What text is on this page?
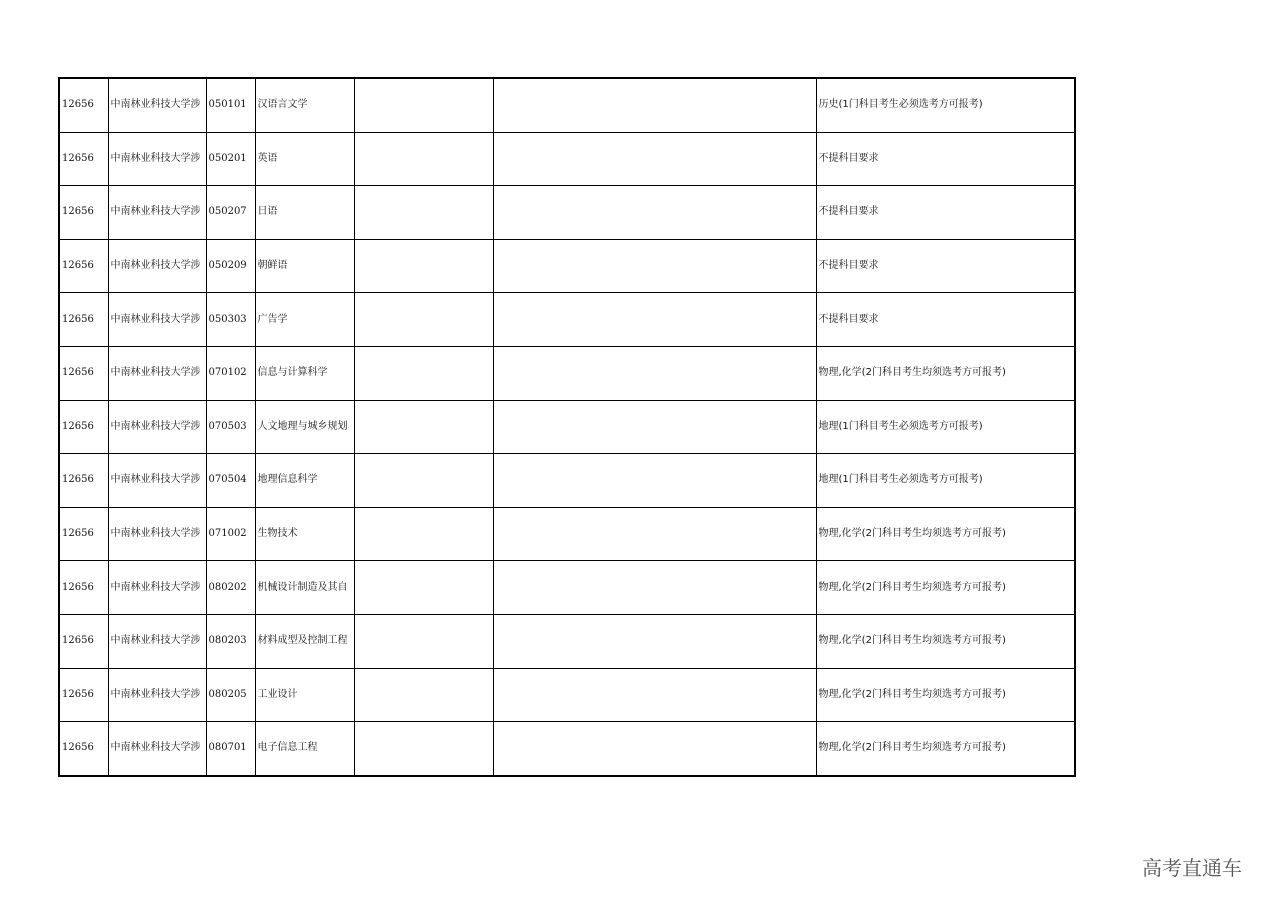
12656	中南林业科技大学涉	050101	汉语言文学			历史(1门科目考生必须选考方可报考)
12656	中南林业科技大学涉	050201	英语			不提科目要求
12656	中南林业科技大学涉	050207	日语			不提科目要求
12656	中南林业科技大学涉	050209	朝鲜语			不提科目要求
12656	中南林业科技大学涉	050303	广告学			不提科目要求
12656	中南林业科技大学涉	070102	信息与计算科学			物理,化学(2门科目考生均须选考方可报考)
12656	中南林业科技大学涉	070503	人文地理与城乡规划			地理(1门科目考生必须选考方可报考)
12656	中南林业科技大学涉	070504	地理信息科学			地理(1门科目考生必须选考方可报考)
12656	中南林业科技大学涉	071002	生物技术			物理,化学(2门科目考生均须选考方可报考)
12656	中南林业科技大学涉	080202	机械设计制造及其自			物理,化学(2门科目考生均须选考方可报考)
12656	中南林业科技大学涉	080203	材料成型及控制工程			物理,化学(2门科目考生均须选考方可报考)
12656	中南林业科技大学涉	080205	工业设计			物理,化学(2门科目考生均须选考方可报考)
12656	中南林业科技大学涉	080701	电子信息工程			物理,化学(2门科目考生均须选考方可报考)
高考直通车
